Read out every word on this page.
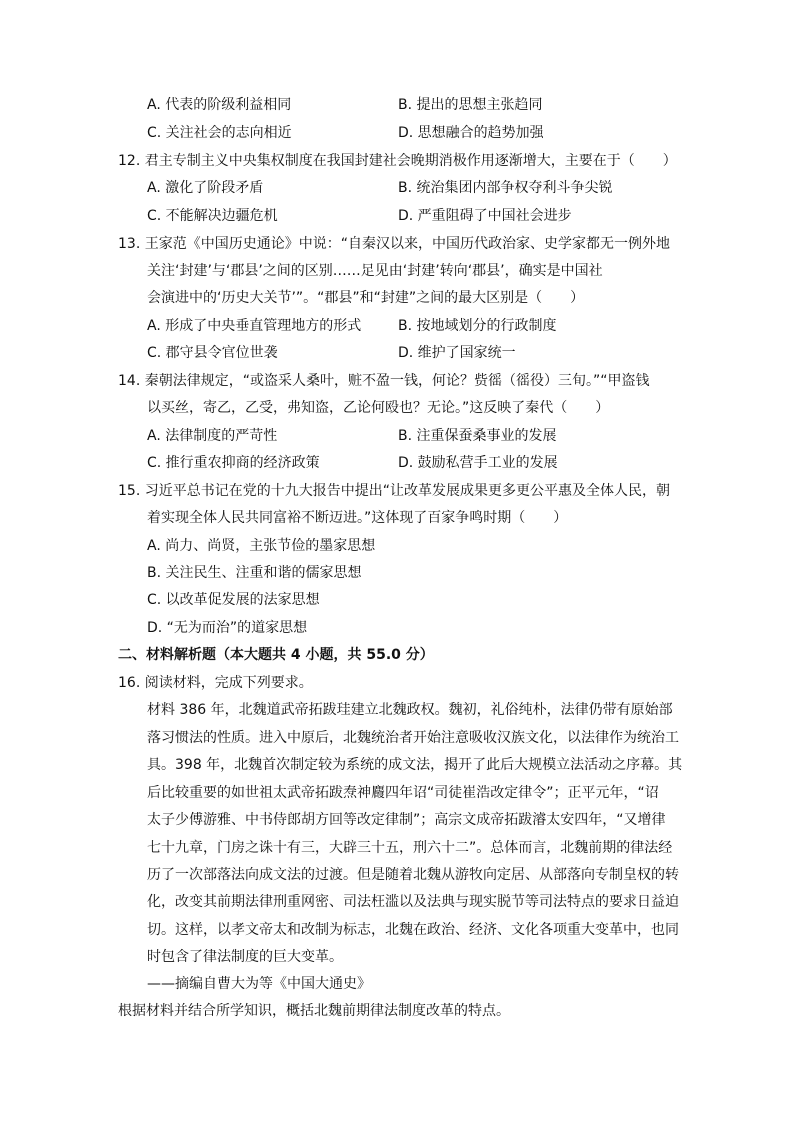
A. 代表的阶级利益相同	B. 提出的思想主张趋同
C. 关注社会的志向相近	D. 思想融合的趋势加强
12. 君主专制主义中央集权制度在我国封建社会晚期消极作用逐渐增大，主要在于（　　）
A. 激化了阶段矛盾	B. 统治集团内部争权夺利斗争尖锐
C. 不能解决边疆危机	D. 严重阻碍了中国社会进步
13. 王家范《中国历史通论》中说：“自秦汉以来，中国历代政治家、史学家都无一例外地
关注‘封建’与‘郡县’之间的区别……足见由‘封建’转向‘郡县’，确实是中国社
会演进中的‘历史大关节’”。“郡县”和“封建”之间的最大区别是（　　）
A. 形成了中央垂直管理地方的形式	B. 按地域划分的行政制度
C. 郡守县令官位世袭	D. 维护了国家统一
14. 秦朝法律规定，“或盗采人桑叶，赃不盈一钱，何论？赀徭（徭役）三旬。”“甲盗钱
以买丝，寄乙，乙受，弗知盗，乙论何殴也？无论。”这反映了秦代（　　）
A. 法律制度的严苛性	B. 注重保蚕桑事业的发展
C. 推行重农抑商的经济政策	D. 鼓励私营手工业的发展
15. 习近平总书记在党的十九大报告中提出“让改革发展成果更多更公平惠及全体人民，朝
着实现全体人民共同富裕不断迈进。”这体现了百家争鸣时期（　　）
A. 尚力、尚贤，主张节俭的墨家思想
B. 关注民生、注重和谐的儒家思想
C. 以改革促发展的法家思想
D. “无为而治”的道家思想
二、材料解析题（本大题共 4 小题，共 55.0 分）
16. 阅读材料，完成下列要求。
材料 386 年，北魏道武帝拓跋珪建立北魏政权。魏初，礼俗纯朴，法律仍带有原始部
落习惯法的性质。进入中原后，北魏统治者开始注意吸收汉族文化，以法律作为统治工
具。398 年，北魏首次制定较为系统的成文法，揭开了此后大规模立法活动之序幕。其
后比较重要的如世祖太武帝拓跋焘神麚四年诏“司徒崔浩改定律令”；正平元年，“诏
太子少傅游雅、中书侍郎胡方回等改定律制”；高宗文成帝拓跋濬太安四年，“又增律
七十九章，门房之诛十有三，大辟三十五，刑六十二”。总体而言，北魏前期的律法经
历了一次部落法向成文法的过渡。但是随着北魏从游牧向定居、从部落向专制皇权的转
化，改变其前期法律刑重网密、司法枉滥以及法典与现实脱节等司法特点的要求日益迫
切。这样，以孝文帝太和改制为标志，北魏在政治、经济、文化各项重大变革中，也同
时包含了律法制度的巨大变革。
——摘编自曹大为等《中国大通史》
根据材料并结合所学知识，概括北魏前期律法制度改革的特点。
